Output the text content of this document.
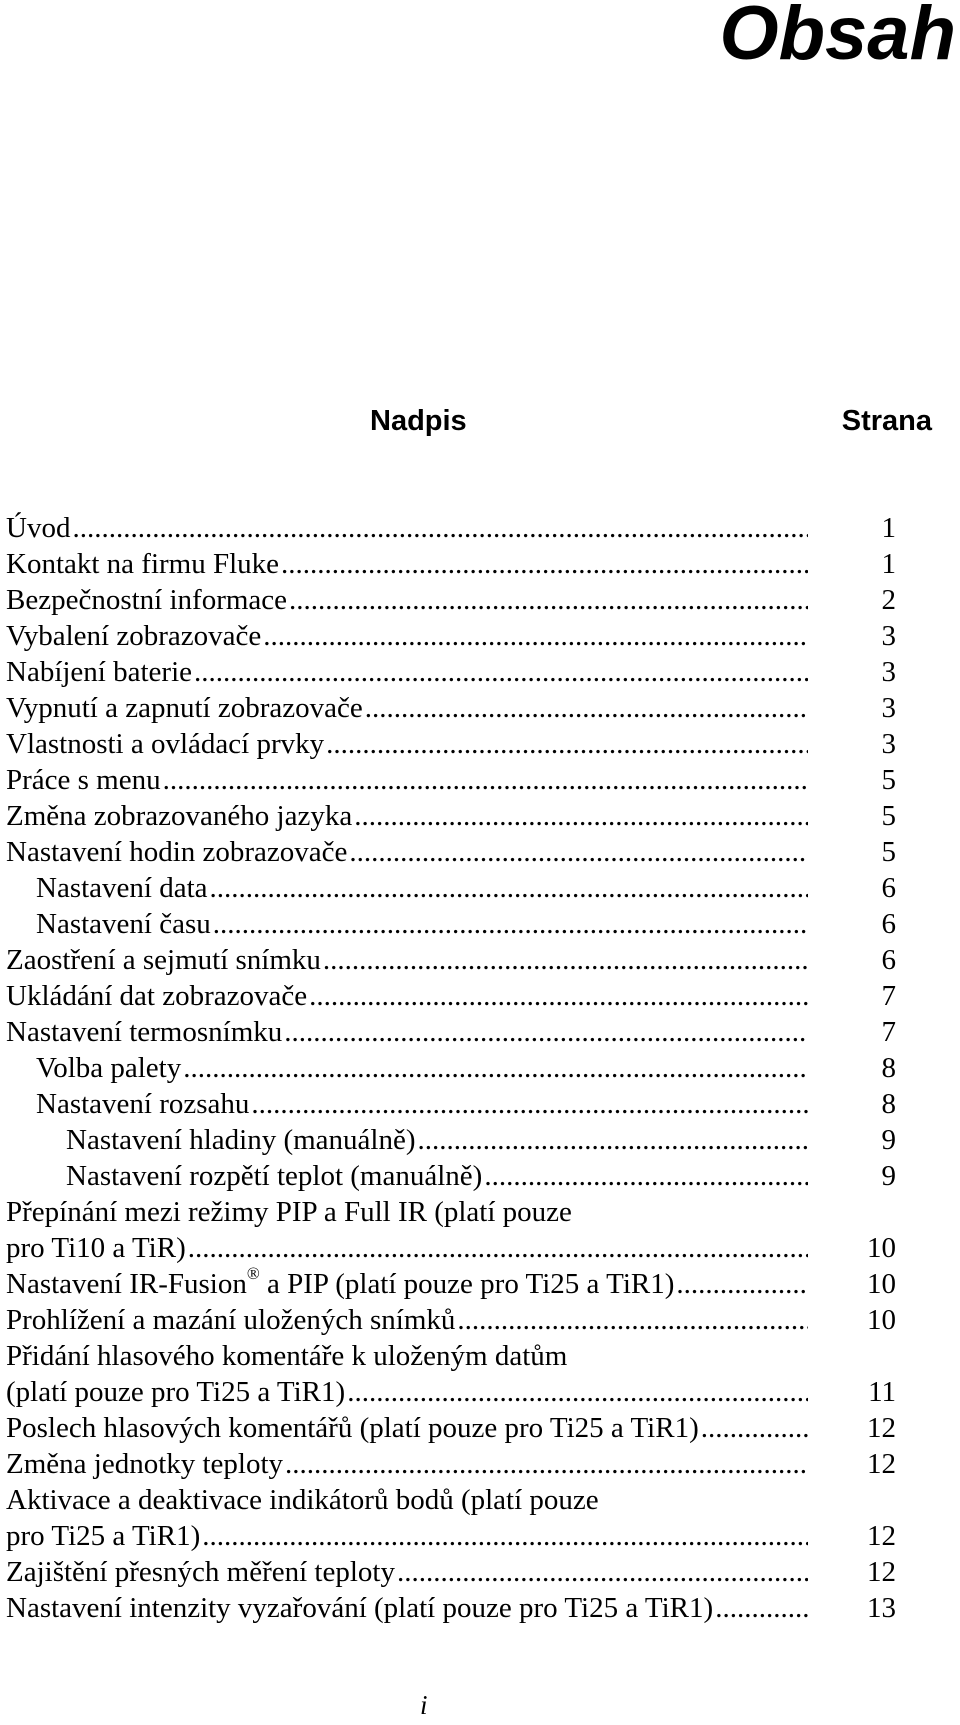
Obsah
Nadpis	Strana
Úvod .....	1
Kontakt na firmu Fluke .....	1
Bezpečnostní informace .....	2
Vybalení zobrazovače .....	3
Nabíjení baterie .....	3
Vypnutí a zapnutí zobrazovače .....	3
Vlastnosti a ovládací prvky .....	3
Práce s menu .....	5
Změna zobrazovaného jazyka .....	5
Nastavení hodin zobrazovače .....	5
Nastavení data .....	6
Nastavení času .....	6
Zaostření a sejmutí snímku .....	6
Ukládání dat zobrazovače .....	7
Nastavení termosnímku .....	7
Volba palety .....	8
Nastavení rozsahu .....	8
Nastavení hladiny (manuálně) .....	9
Nastavení rozpětí teplot (manuálně) .....	9
Přepínání mezi režimy PIP a Full IR (platí pouze
pro Ti10 a TiR) .....	10
Nastavení IR-Fusion® a PIP (platí pouze pro Ti25 a TiR1) .....	10
Prohlížení a mazání uložených snímků .....	10
Přidání hlasového komentáře k uloženým datům
(platí pouze pro Ti25 a TiR1) .....	11
Poslech hlasových komentářů (platí pouze pro Ti25 a TiR1) .....	12
Změna jednotky teploty .....	12
Aktivace a deaktivace indikátorů bodů (platí pouze
pro Ti25 a TiR1) .....	12
Zajištění přesných měření teploty .....	12
Nastavení intenzity vyzařování (platí pouze pro Ti25 a TiR1) .....	13
i
